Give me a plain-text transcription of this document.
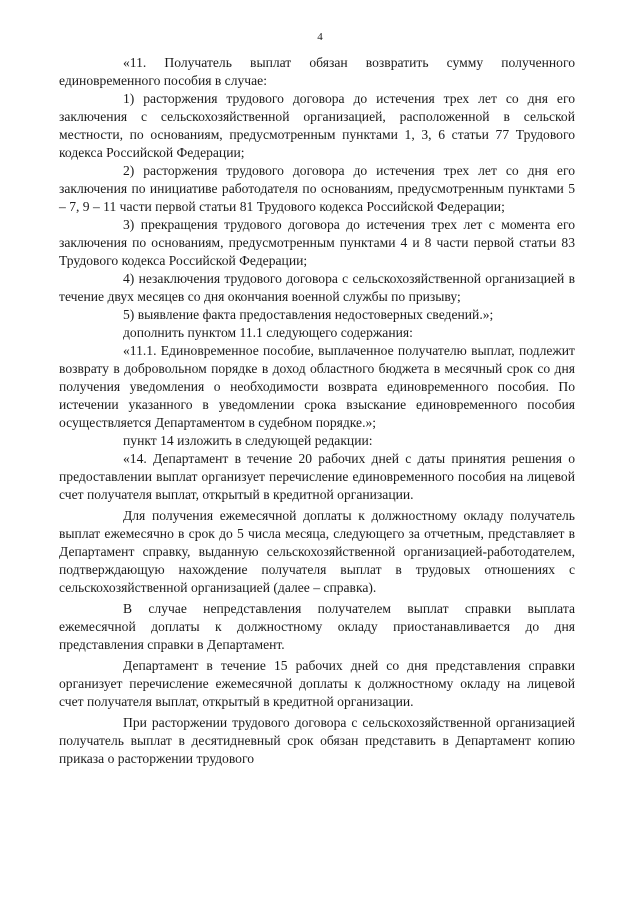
4

«11. Получатель выплат обязан возвратить сумму полученного единовременного пособия в случае:

1) расторжения трудового договора до истечения трех лет со дня его заключения с сельскохозяйственной организацией, расположенной в сельской местности, по основаниям, предусмотренным пунктами 1, 3, 6 статьи 77 Трудового кодекса Российской Федерации;

2) расторжения трудового договора до истечения трех лет со дня его заключения по инициативе работодателя по основаниям, предусмотренным пунктами 5 – 7, 9 – 11 части первой статьи 81 Трудового кодекса Российской Федерации;

3) прекращения трудового договора до истечения трех лет с момента его заключения по основаниям, предусмотренным пунктами 4 и 8 части первой статьи 83 Трудового кодекса Российской Федерации;

4) незаключения трудового договора с сельскохозяйственной организацией в течение двух месяцев со дня окончания военной службы по призыву;

5) выявление факта предоставления недостоверных сведений.»;

дополнить пунктом 11.1 следующего содержания:

«11.1. Единовременное пособие, выплаченное получателю выплат, подлежит возврату в добровольном порядке в доход областного бюджета в месячный срок со дня получения уведомления о необходимости возврата единовременного пособия. По истечении указанного в уведомлении срока взыскание единовременного пособия осуществляется Департаментом в судебном порядке.»;

пункт 14 изложить в следующей редакции:

«14. Департамент в течение 20 рабочих дней с даты принятия решения о предоставлении выплат организует перечисление единовременного пособия на лицевой счет получателя выплат, открытый в кредитной организации.

Для получения ежемесячной доплаты к должностному окладу получатель выплат ежемесячно в срок до 5 числа месяца, следующего за отчетным, представляет в Департамент справку, выданную сельскохозяйственной организацией-работодателем, подтверждающую нахождение получателя выплат в трудовых отношениях с сельскохозяйственной организацией (далее – справка).

В случае непредставления получателем выплат справки выплата ежемесячной доплаты к должностному окладу приостанавливается до дня представления справки в Департамент.

Департамент в течение 15 рабочих дней со дня представления справки организует перечисление ежемесячной доплаты к должностному окладу на лицевой счет получателя выплат, открытый в кредитной организации.

При расторжении трудового договора с сельскохозяйственной организацией получатель выплат в десятидневный срок обязан представить в Департамент копию приказа о расторжении трудового
